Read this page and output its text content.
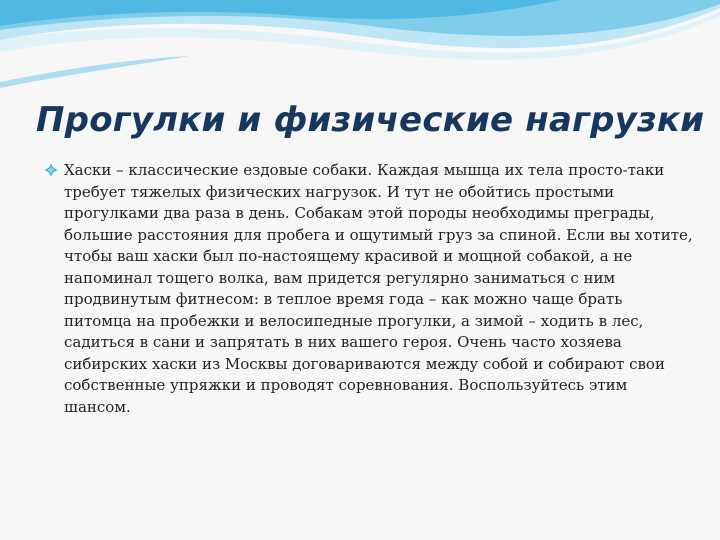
Прогулки и физические нагрузки

Хаски – классические ездовые собаки. Каждая мышца их тела просто-таки требует тяжелых физических нагрузок. И тут не обойтись простыми прогулками два раза в день. Собакам этой породы необходимы преграды, большие расстояния для пробега и ощутимый груз за спиной. Если вы хотите, чтобы ваш хаски был по-настоящему красивой и мощной собакой, а не напоминал тощего волка, вам придется регулярно заниматься с ним продвинутым фитнесом: в теплое время года – как можно чаще брать питомца на пробежки и велосипедные прогулки, а зимой – ходить в лес, садиться в сани и запрятать в них вашего героя. Очень часто хозяева сибирских хаски из Москвы договариваются между собой и собирают свои собственные упряжки и проводят соревнования. Воспользуйтесь этим шансом.
